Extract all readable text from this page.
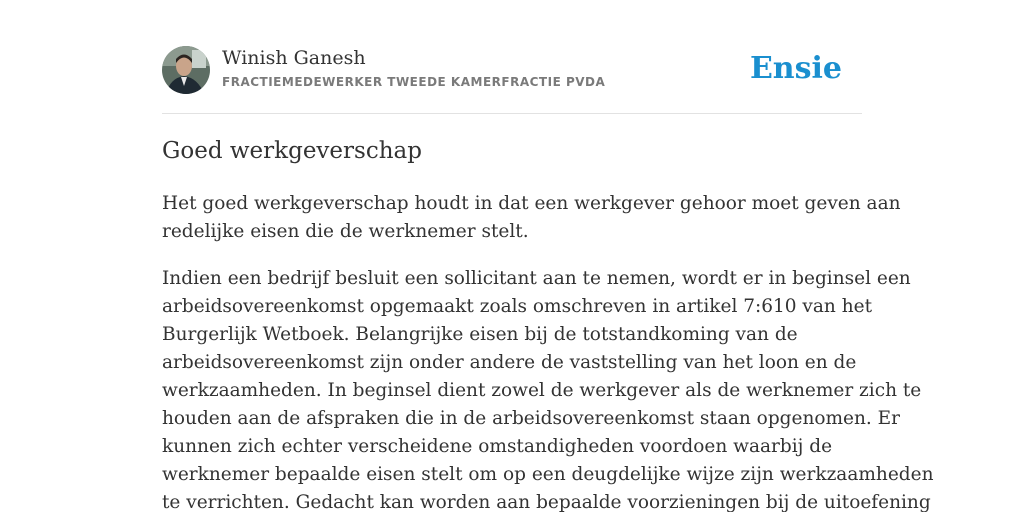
Winish Ganesh
FRACTIEMEDEWERKER TWEEDE KAMERFRACTIE PVDA	Ensie
Goed werkgeverschap

Het goed werkgeverschap houdt in dat een werkgever gehoor moet geven aan
redelijke eisen die de werknemer stelt.

Indien een bedrijf besluit een sollicitant aan te nemen, wordt er in beginsel een
arbeidsovereenkomst opgemaakt zoals omschreven in artikel 7:610 van het
Burgerlijk Wetboek. Belangrijke eisen bij de totstandkoming van de
arbeidsovereenkomst zijn onder andere de vaststelling van het loon en de
werkzaamheden. In beginsel dient zowel de werkgever als de werknemer zich te
houden aan de afspraken die in de arbeidsovereenkomst staan opgenomen. Er
kunnen zich echter verscheidene omstandigheden voordoen waarbij de
werknemer bepaalde eisen stelt om op een deugdelijke wijze zijn werkzaamheden
te verrichten. Gedacht kan worden aan bepaalde voorzieningen bij de uitoefening
